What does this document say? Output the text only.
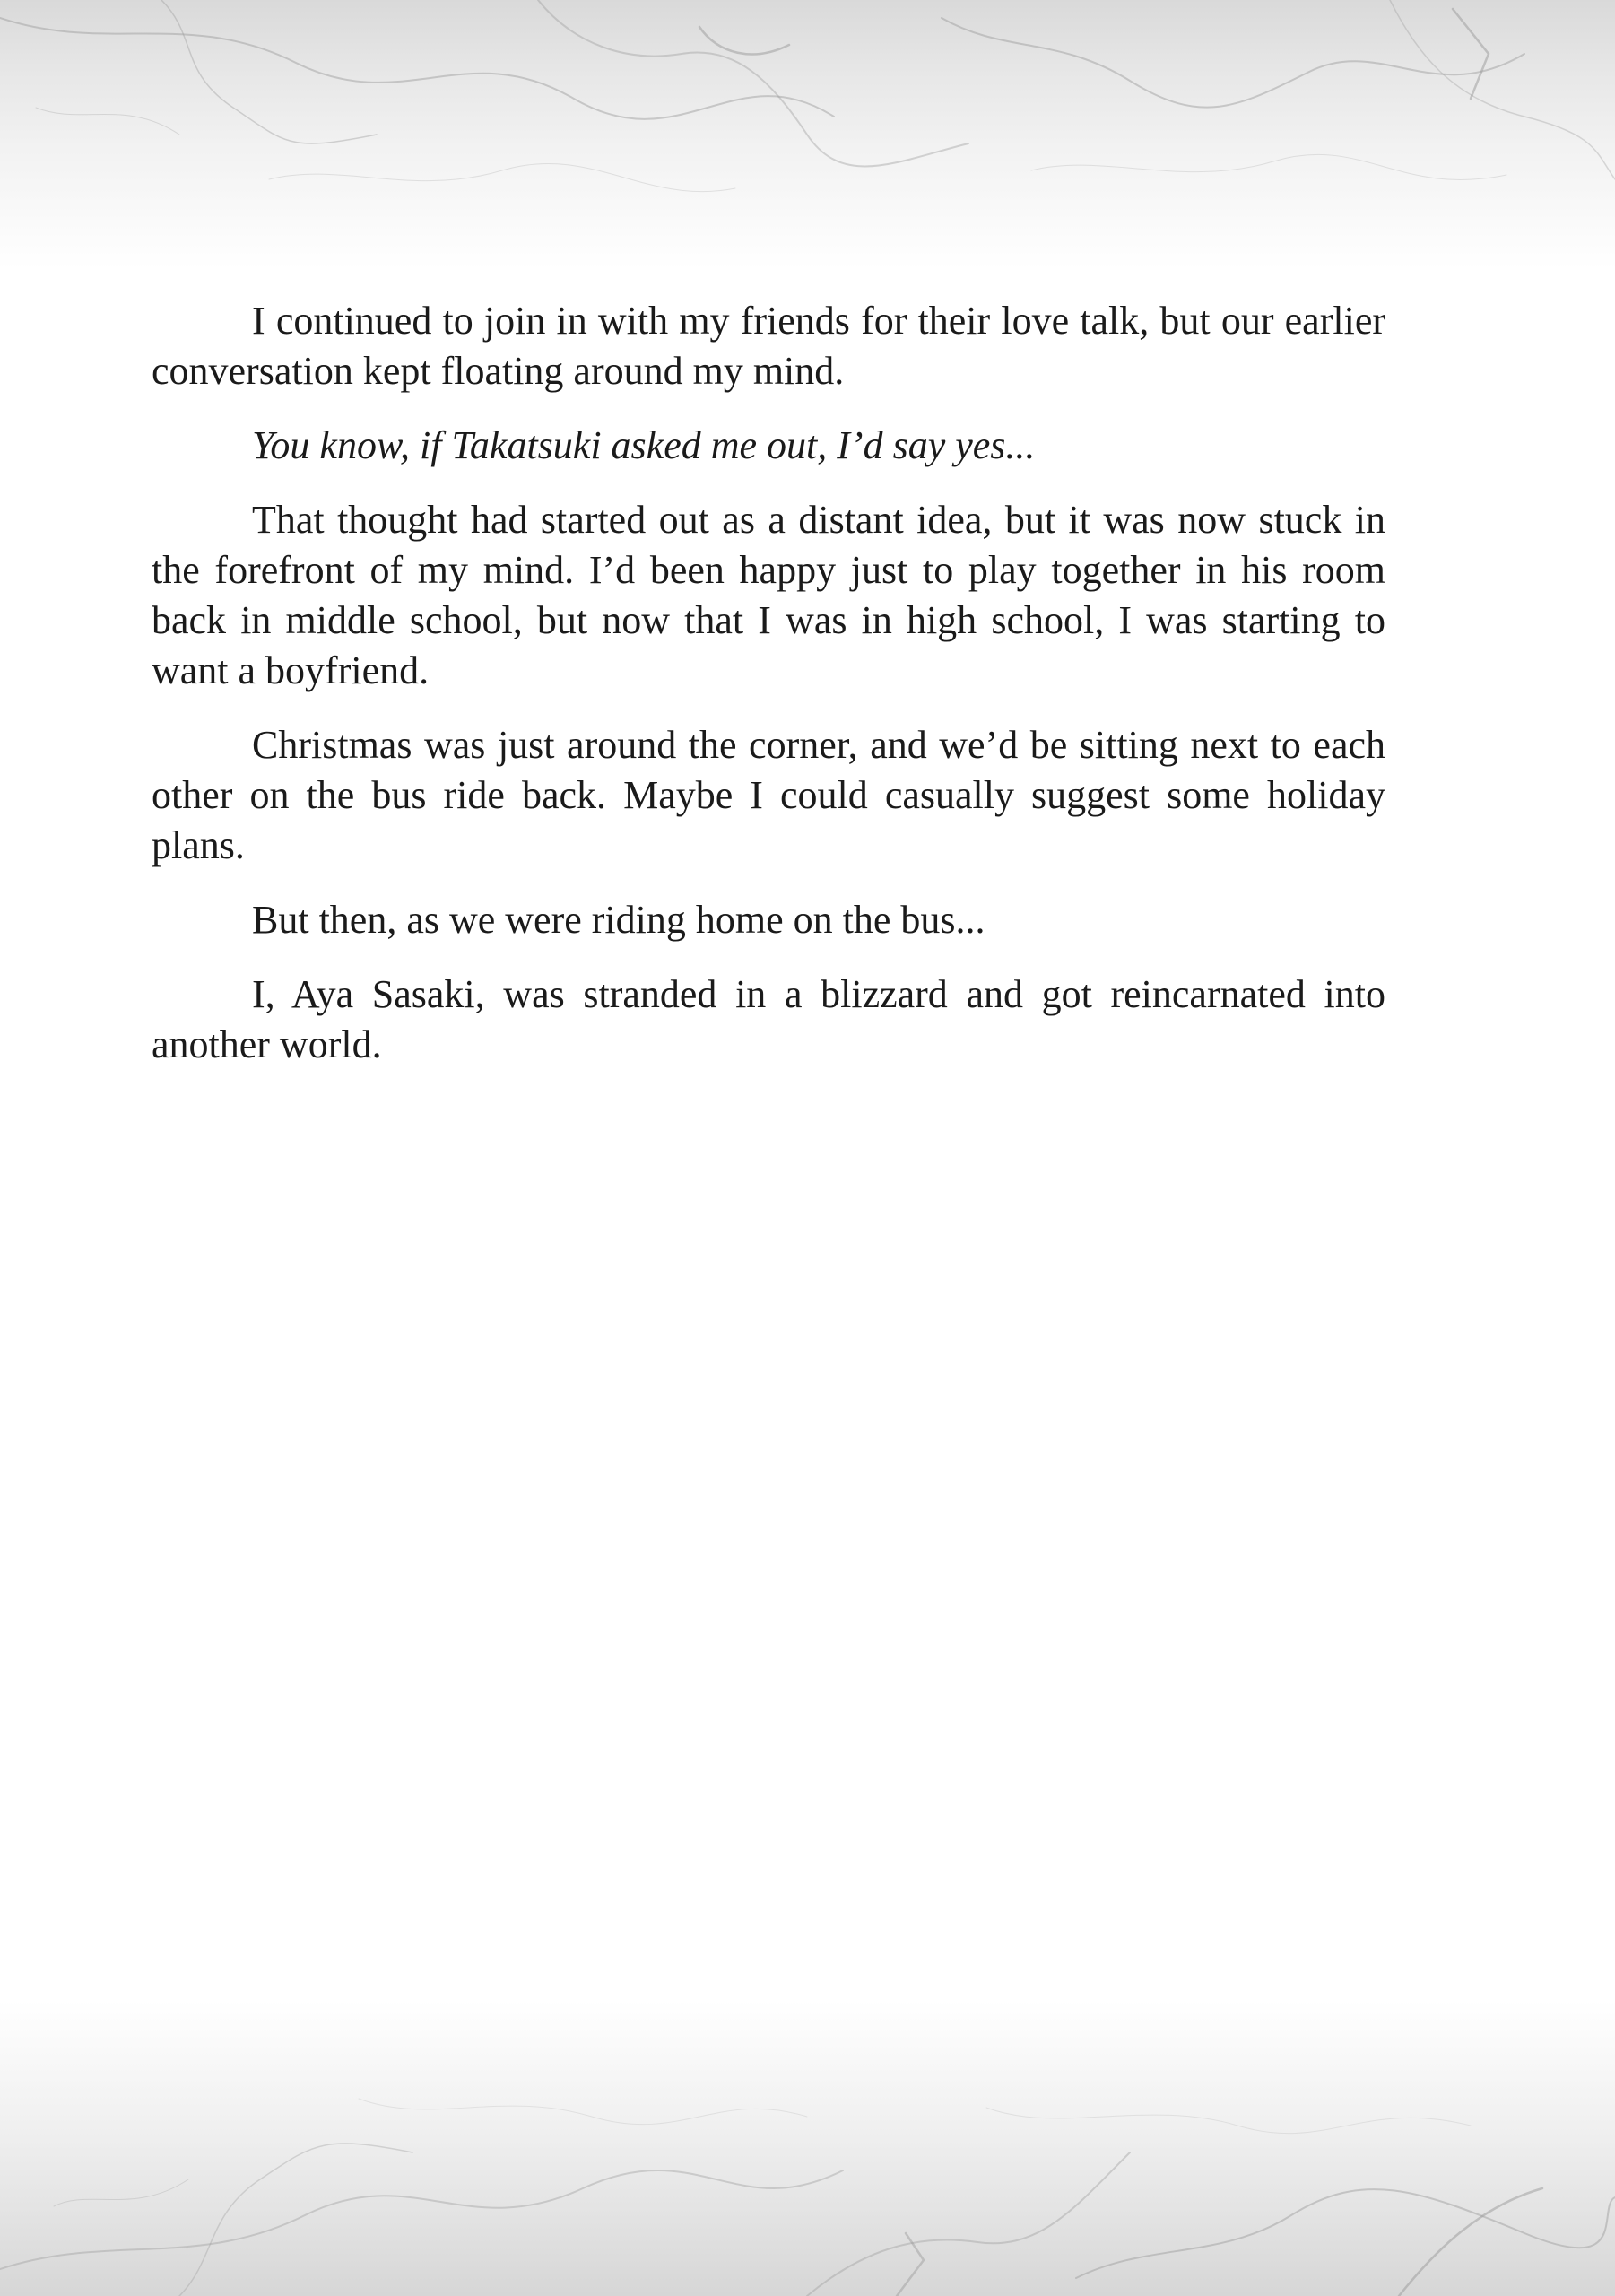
I continued to join in with my friends for their love talk, but our earlier conversation kept floating around my mind.

You know, if Takatsuki asked me out, I’d say yes...

That thought had started out as a distant idea, but it was now stuck in the forefront of my mind. I’d been happy just to play together in his room back in middle school, but now that I was in high school, I was starting to want a boyfriend.

Christmas was just around the corner, and we’d be sitting next to each other on the bus ride back. Maybe I could casually suggest some holiday plans.

But then, as we were riding home on the bus...

I, Aya Sasaki, was stranded in a blizzard and got reincarnated into another world.
